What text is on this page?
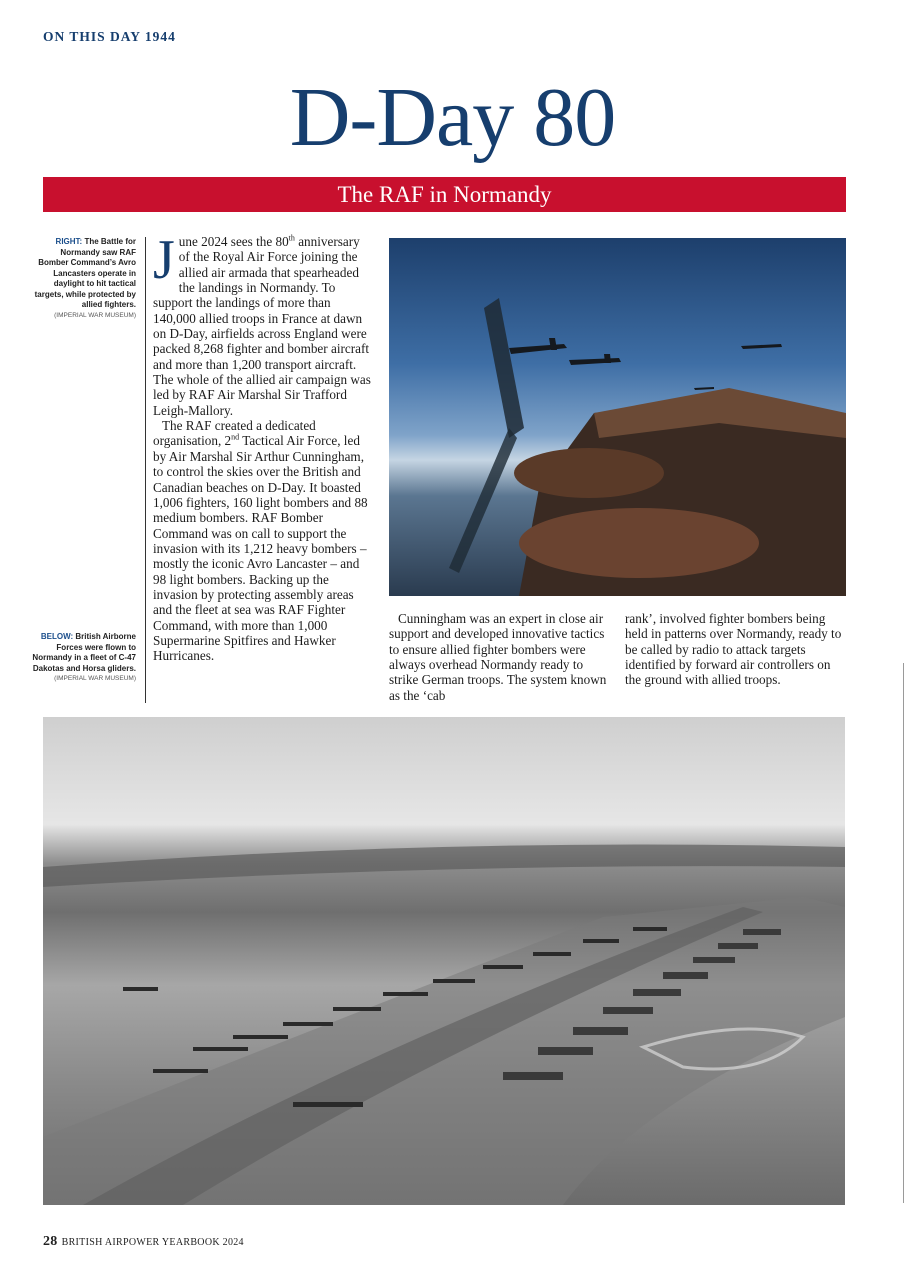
ON THIS DAY 1944
D-Day 80
The RAF in Normandy
RIGHT: The Battle for Normandy saw RAF Bomber Command’s Avro Lancasters operate in daylight to hit tactical targets, while protected by allied fighters.
(IMPERIAL WAR MUSEUM)
BELOW: British Airborne Forces were flown to Normandy in a fleet of C-47 Dakotas and Horsa gliders.
(IMPERIAL WAR MUSEUM)

June 2024 sees the 80th anniversary of the Royal Air Force joining the allied air armada that spearheaded the landings in Normandy. To support the landings of more than 140,000 allied troops in France at dawn on D-Day, airfields across England were packed 8,268 fighter and bomber aircraft and more than 1,200 transport aircraft. The whole of the allied air campaign was led by RAF Air Marshal Sir Trafford Leigh-Mallory.

The RAF created a dedicated organisation, 2nd Tactical Air Force, led by Air Marshal Sir Arthur Cunningham, to control the skies over the British and Canadian beaches on D-Day. It boasted 1,006 fighters, 160 light bombers and 88 medium bombers. RAF Bomber Command was on call to support the invasion with its 1,212 heavy bombers – mostly the iconic Avro Lancaster – and 98 light bombers. Backing up the invasion by protecting assembly areas and the fleet at sea was RAF Fighter Command, with more than 1,000 Supermarine Spitfires and Hawker Hurricanes.

Cunningham was an expert in close air support and developed innovative tactics to ensure allied fighter bombers were always overhead Normandy ready to strike German troops. The system known as the ‘cab

rank’, involved fighter bombers being held in patterns over Normandy, ready to be called by radio to attack targets identified by forward air controllers on the ground with allied troops.

28 BRITISH AIRPOWER YEARBOOK 2024
